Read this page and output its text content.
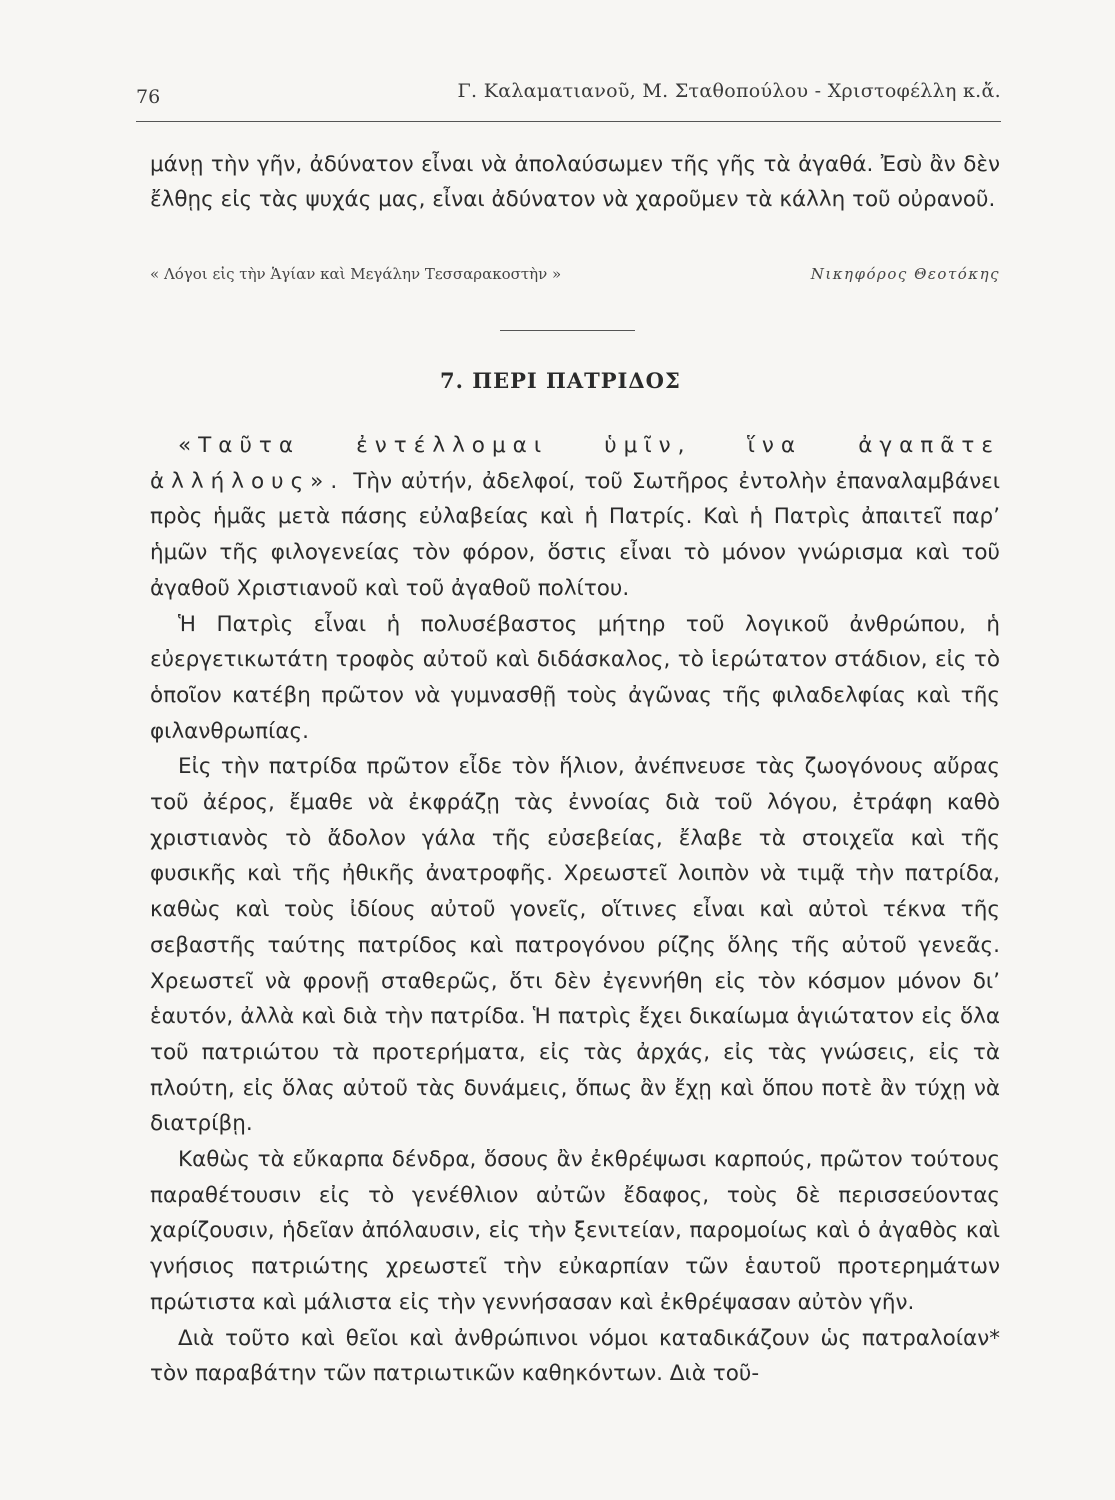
76	Γ. Καλαματιανοῦ, Μ. Σταθοπούλου - Χριστοφέλλη κ.ἄ.

μάνῃ τὴν γῆν, ἀδύνατον εἶναι νὰ ἀπολαύσωμεν τῆς γῆς τὰ ἀγαθά. Ἐσὺ ἂν δὲν ἔλθῃς εἰς τὰς ψυχάς μας, εἶναι ἀδύνατον νὰ χαροῦμεν τὰ κάλλη τοῦ οὐρανοῦ.

« Λόγοι εἰς τὴν Ἁγίαν καὶ Μεγάλην Τεσσαρακοστὴν »	Νικηφόρος Θεοτόκης
7. ΠΕΡΙ ΠΑΤΡΙΔΟΣ

«Ταῦτα ἐντέλλομαι ὑμῖν, ἵνα ἀγαπᾶτε ἀλλήλους». Τὴν αὐτήν, ἀδελφοί, τοῦ Σωτῆρος ἐντολὴν ἐπαναλαμβάνει πρὸς ἡμᾶς μετὰ πάσης εὐλαβείας καὶ ἡ Πατρίς. Καὶ ἡ Πατρὶς ἀπαιτεῖ παρ’ ἡμῶν τῆς φιλογενείας τὸν φόρον, ὅστις εἶναι τὸ μόνον γνώρισμα καὶ τοῦ ἀγαθοῦ Χριστιανοῦ καὶ τοῦ ἀγαθοῦ πολίτου.

Ἡ Πατρὶς εἶναι ἡ πολυσέβαστος μήτηρ τοῦ λογικοῦ ἀνθρώπου, ἡ εὐεργετικωτάτη τροφὸς αὐτοῦ καὶ διδάσκαλος, τὸ ἱερώτατον στάδιον, εἰς τὸ ὁποῖον κατέβη πρῶτον νὰ γυμνασθῇ τοὺς ἀγῶνας τῆς φιλαδελφίας καὶ τῆς φιλανθρωπίας.

Εἰς τὴν πατρίδα πρῶτον εἶδε τὸν ἥλιον, ἀνέπνευσε τὰς ζωογόνους αὔρας τοῦ ἀέρος, ἔμαθε νὰ ἐκφράζῃ τὰς ἐννοίας διὰ τοῦ λόγου, ἐτράφη καθὸ χριστιανὸς τὸ ἄδολον γάλα τῆς εὐσεβείας, ἔλαβε τὰ στοιχεῖα καὶ τῆς φυσικῆς καὶ τῆς ἠθικῆς ἀνατροφῆς. Χρεωστεῖ λοιπὸν νὰ τιμᾷ τὴν πατρίδα, καθὼς καὶ τοὺς ἰδίους αὐτοῦ γονεῖς, οἵτινες εἶναι καὶ αὐτοὶ τέκνα τῆς σεβαστῆς ταύτης πατρίδος καὶ πατρογόνου ρίζης ὅλης τῆς αὐτοῦ γενεᾶς. Χρεωστεῖ νὰ φρονῇ σταθερῶς, ὅτι δὲν ἐγεννήθη εἰς τὸν κόσμον μόνον δι’ ἑαυτόν, ἀλλὰ καὶ διὰ τὴν πατρίδα. Ἡ πατρὶς ἔχει δικαίωμα ἁγιώτατον εἰς ὅλα τοῦ πατριώτου τὰ προτερήματα, εἰς τὰς ἀρχάς, εἰς τὰς γνώσεις, εἰς τὰ πλούτη, εἰς ὅλας αὐτοῦ τὰς δυνάμεις, ὅπως ἂν ἔχῃ καὶ ὅπου ποτὲ ἂν τύχῃ νὰ διατρίβῃ.

Καθὼς τὰ εὔκαρπα δένδρα, ὅσους ἂν ἐκθρέψωσι καρπούς, πρῶτον τούτους παραθέτουσιν εἰς τὸ γενέθλιον αὐτῶν ἔδαφος, τοὺς δὲ περισσεύοντας χαρίζουσιν, ἡδεῖαν ἀπόλαυσιν, εἰς τὴν ξενιτείαν, παρομοίως καὶ ὁ ἀγαθὸς καὶ γνήσιος πατριώτης χρεωστεῖ τὴν εὐκαρπίαν τῶν ἑαυτοῦ προτερημάτων πρώτιστα καὶ μάλιστα εἰς τὴν γεννήσασαν καὶ ἐκθρέψασαν αὐτὸν γῆν.

Διὰ τοῦτο καὶ θεῖοι καὶ ἀνθρώπινοι νόμοι καταδικάζουν ὡς πατραλοίαν* τὸν παραβάτην τῶν πατριωτικῶν καθηκόντων. Διὰ τοῦ-
